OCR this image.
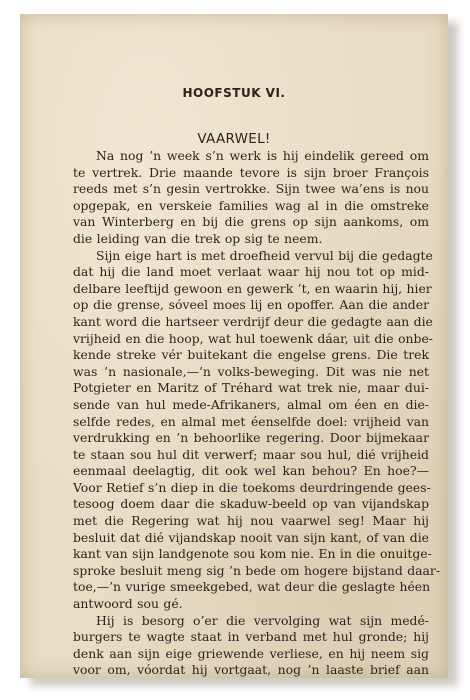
HOOFSTUK VI.
VAARWEL!
Na nog ’n week s’n werk is hij eindelik gereed om
te vertrek. Drie maande tevore is sijn broer François
reeds met s’n gesin vertrokke. Sijn twee wa’ens is nou
opgepak, en verskeie families wag al in die omstreke
van Winterberg en bij die grens op sijn aankoms, om
die leiding van die trek op sig te neem.
Sijn eige hart is met droefheid vervul bij die gedagte
dat hij die land moet verlaat waar hij nou tot op mid-
delbare leeftijd gewoon en gewerk ’t, en waarin hij, hier
op die grense, sóveel moes lij en opoffer. Aan die ander
kant word die hartseer verdrijf deur die gedagte aan die
vrijheid en die hoop, wat hul toewenk dáar, uit die onbe-
kende streke vér buitekant die engelse grens. Die trek
was ’n nasionale,—’n volks-beweging. Dit was nie net
Potgieter en Maritz of Tréhard wat trek nie, maar dui-
sende van hul mede-Afrikaners, almal om éen en die-
selfde redes, en almal met éenselfde doel: vrijheid van
verdrukking en ’n behoorlike regering. Door bijmekaar
te staan sou hul dit verwerf; maar sou hul, dié vrijheid
eenmaal deelagtig, dit ook wel kan behou? En hoe?—
Voor Retief s’n diep in die toekoms deurdringende gees-
tesoog doem daar die skaduw-beeld op van vijandskap
met die Regering wat hij nou vaarwel seg! Maar hij
besluit dat dié vijandskap nooit van sijn kant, of van die
kant van sijn landgenote sou kom nie. En in die onuitge-
sproke besluit meng sig ’n bede om hogere bijstand daar-
toe,—’n vurige smeekgebed, wat deur die geslagte héen
antwoord sou gé.
Hij is besorg o’er die vervolging wat sijn medé-
burgers te wagte staat in verband met hul gronde; hij
denk aan sijn eige griewende verliese, en hij neem sig
voor om, vóordat hij vortgaat, nog ’n laaste brief aan
